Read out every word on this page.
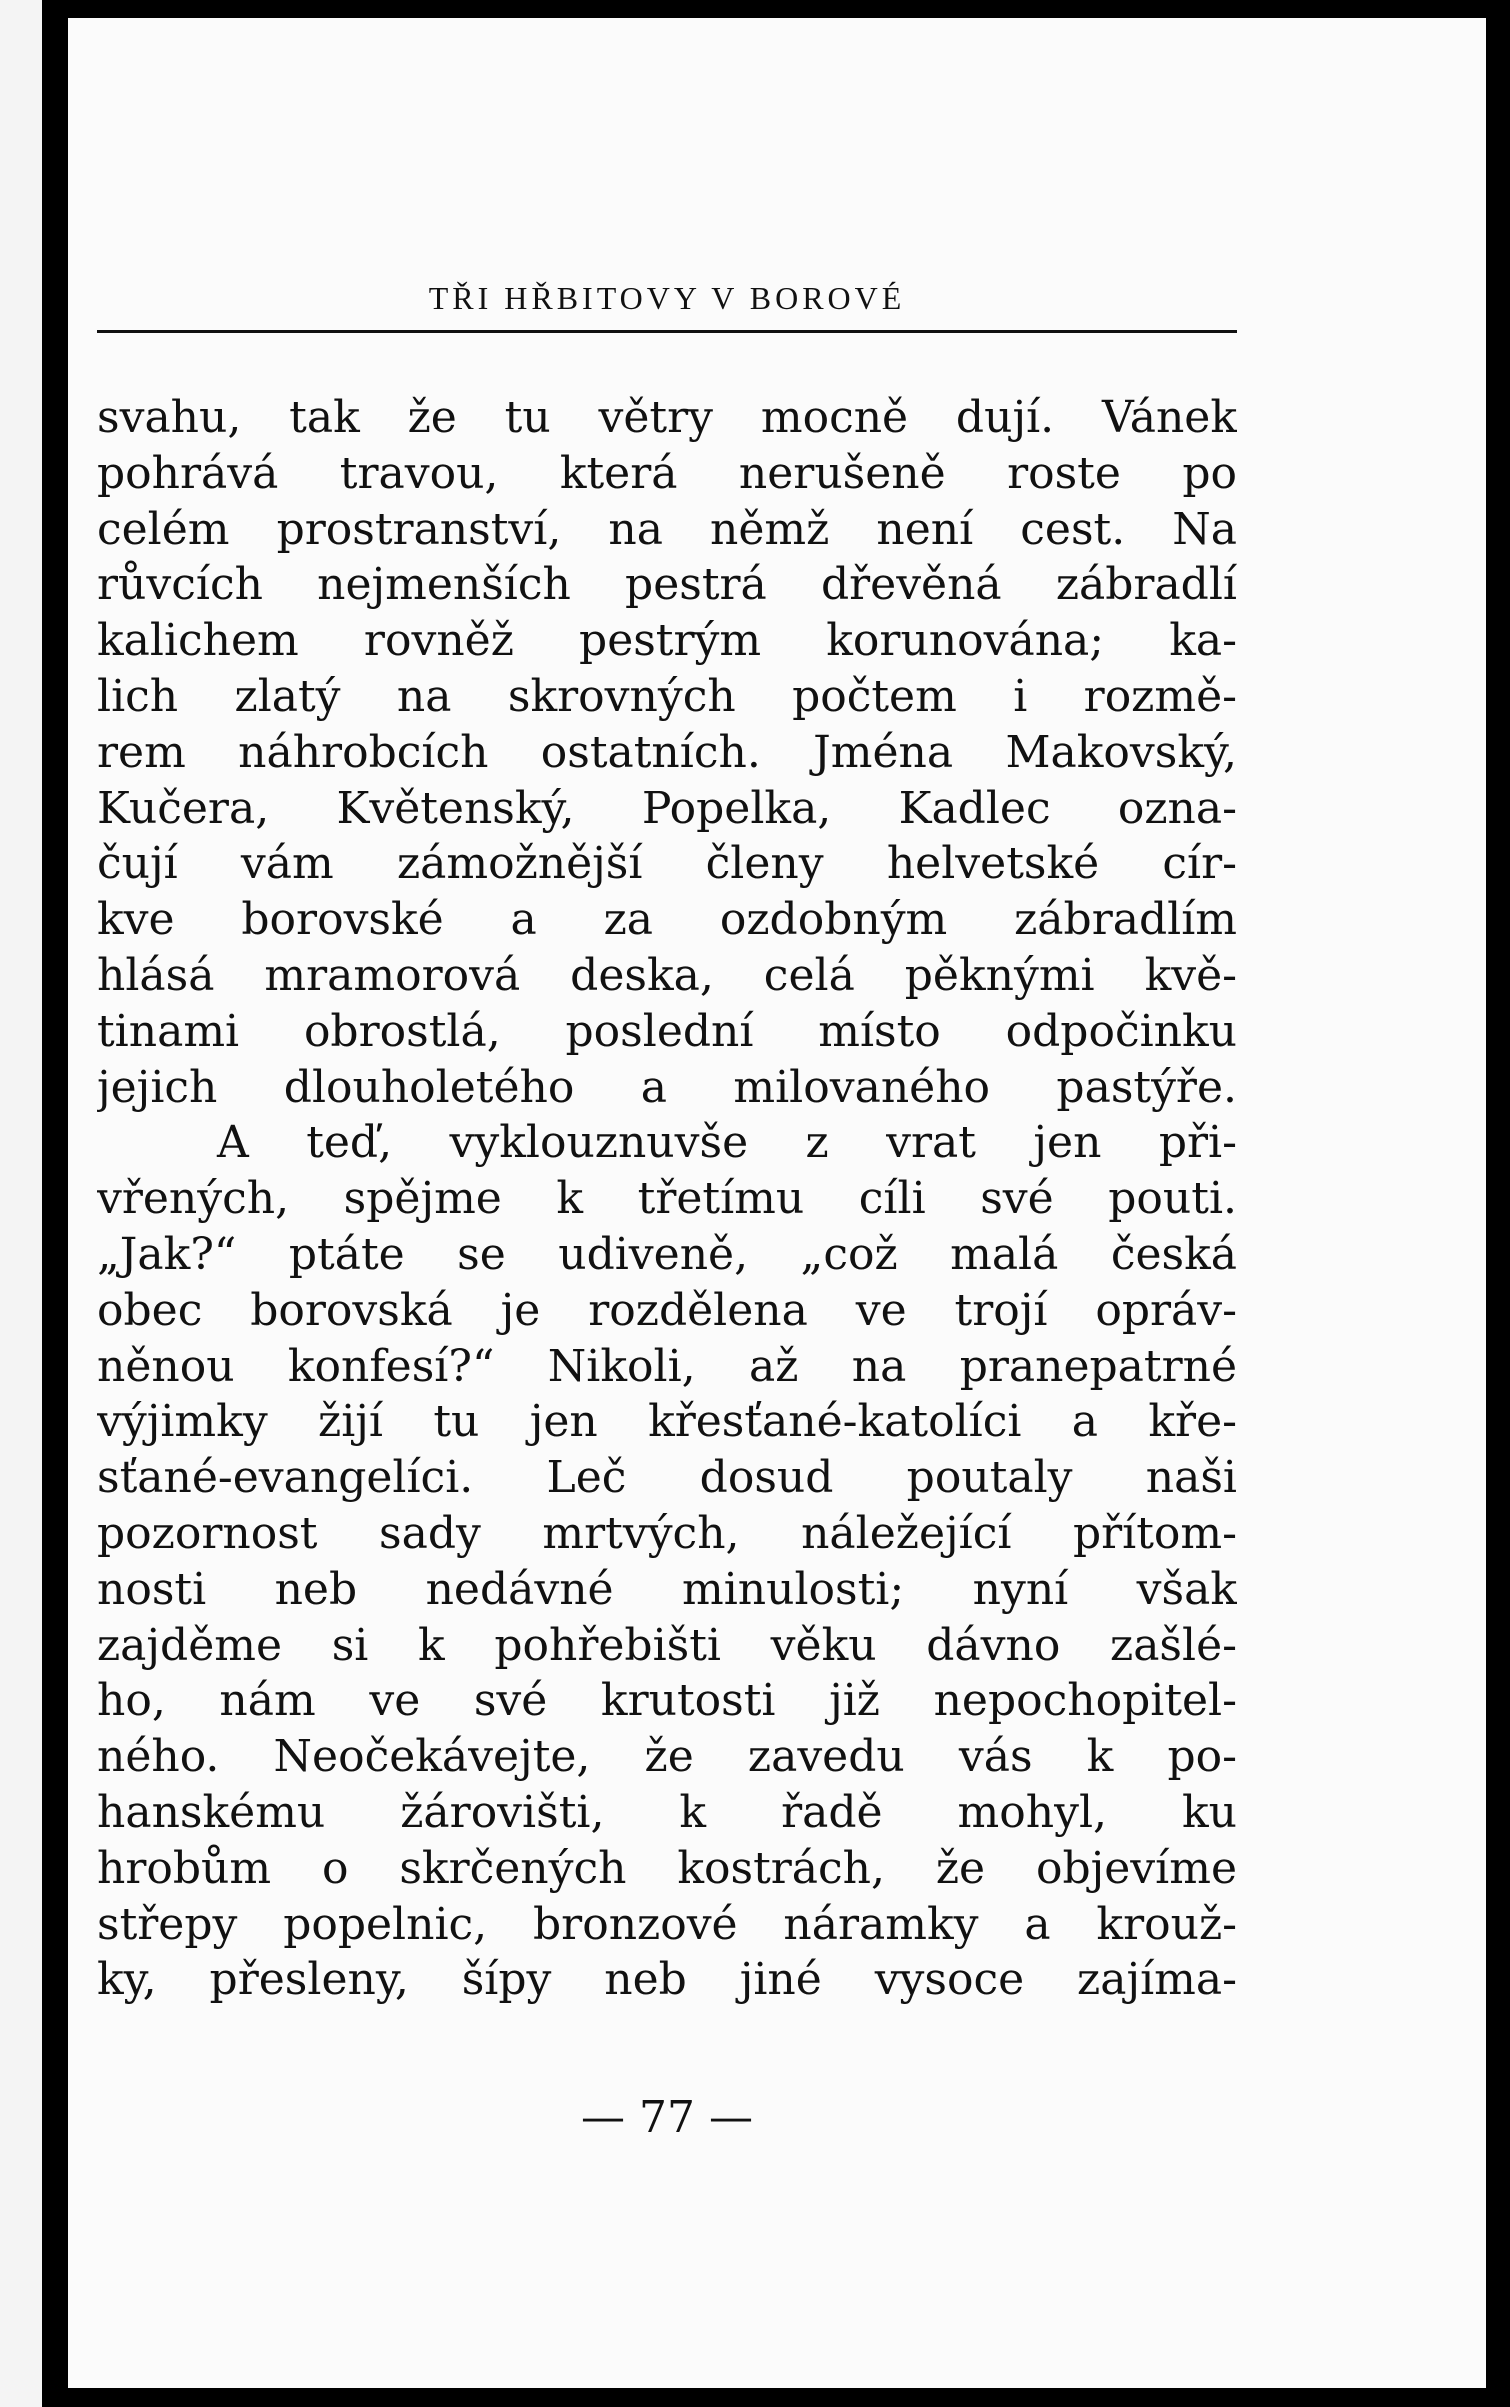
TŘI HŘBITOVY V BOROVÉ
svahu, tak že tu větry mocně dují. Vánek
pohrává travou, která nerušeně roste po
celém prostranství, na němž není cest. Na
růvcích nejmenších pestrá dřevěná zábradlí
kalichem rovněž pestrým korunována; ka-
lich zlatý na skrovných počtem i rozmě-
rem náhrobcích ostatních. Jména Makovský,
Kučera, Květenský, Popelka, Kadlec ozna-
čují vám zámožnější členy helvetské cír-
kve borovské a za ozdobným zábradlím
hlásá mramorová deska, celá pěknými kvě-
tinami obrostlá, poslední místo odpočinku
jejich dlouholetého a milovaného pastýře.
A teď, vyklouznuvše z vrat jen při-
vřených, spějme k třetímu cíli své pouti.
„Jak?“ ptáte se udiveně, „což malá česká
obec borovská je rozdělena ve trojí opráv-
něnou konfesí?“ Nikoli, až na pranepatrné
výjimky žijí tu jen křesťané-katolíci a kře-
sťané-evangelíci. Leč dosud poutaly naši
pozornost sady mrtvých, náležející přítom-
nosti neb nedávné minulosti; nyní však
zajděme si k pohřebišti věku dávno zašlé-
ho, nám ve své krutosti již nepochopitel-
ného. Neočekávejte, že zavedu vás k po-
hanskému žárovišti, k řadě mohyl, ku
hrobům o skrčených kostrách, že objevíme
střepy popelnic, bronzové náramky a krouž-
ky, přesleny, šípy neb jiné vysoce zajíma-
— 77 —
